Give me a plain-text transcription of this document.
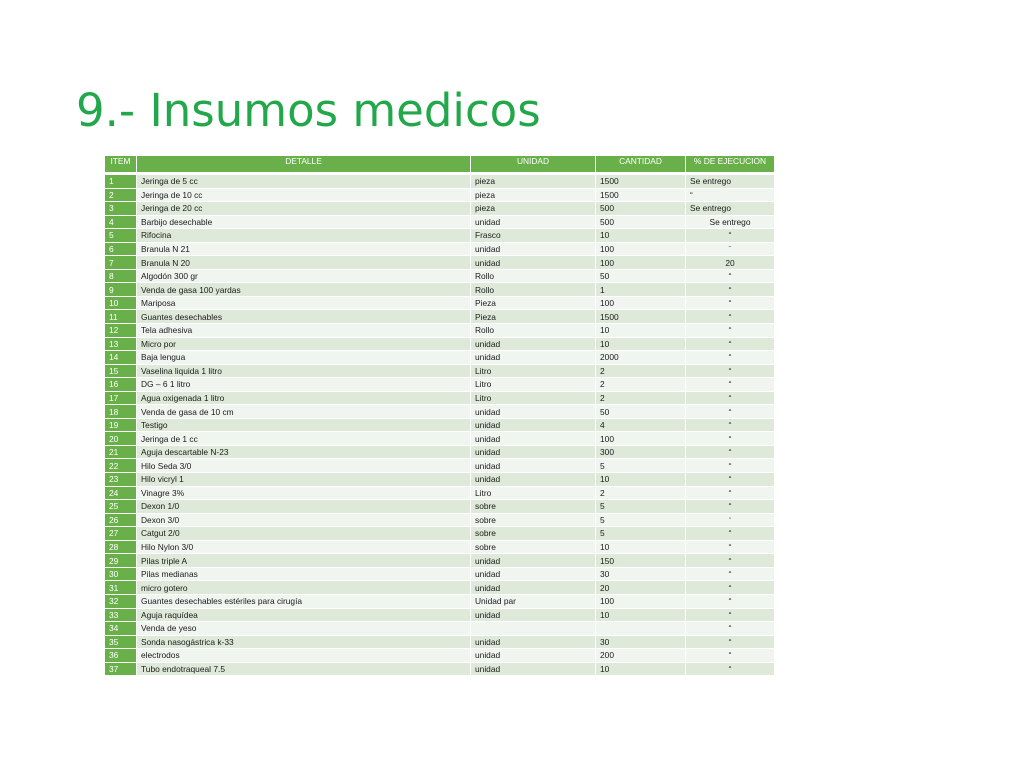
9.- Insumos medicos
ITEM	DETALLE	UNIDAD	CANTIDAD	% DE EJECUCION
1	Jeringa de 5 cc	pieza	1500	Se entrego
2	Jeringa de 10 cc	pieza	1500	“
3	Jeringa de 20 cc	pieza	500	Se entrego
4	Barbijo desechable	unidad	500	Se entrego
5	Rifocina	Frasco	10	“
6	Branula N 21	unidad	100	¨
7	Branula N 20	unidad	100	20
8	Algodón 300 gr	Rollo	50	“
9	Venda de gasa 100 yardas	Rollo	1	“
10	Mariposa	Pieza	100	“
11	Guantes desechables	Pieza	1500	“
12	Tela adhesiva	Rollo	10	“
13	Micro por	unidad	10	“
14	Baja lengua	unidad	2000	“
15	Vaselina liquida 1 litro	Litro	2	“
16	DG – 6 1 litro	Litro	2	“
17	Agua oxigenada 1 litro	Litro	2	“
18	Venda de gasa de 10 cm	unidad	50	“
19	Testigo	unidad	4	“
20	Jeringa de 1 cc	unidad	100	“
21	Aguja descartable N-23	unidad	300	“
22	Hilo Seda 3/0	unidad	5	“
23	Hilo vicryl 1	unidad	10	“
24	Vinagre 3%	Litro	2	“
25	Dexon 1/0	sobre	5	“
26	Dexon 3/0	sobre	5	‘
27	Catgut 2/0	sobre	5	“
28	Hilo Nylon 3/0	sobre	10	“
29	Pilas triple A	unidad	150	“
30	Pilas medianas	unidad	30	“
31	micro gotero	unidad	20	“
32	Guantes desechables estériles para cirugía	Unidad par	100	“
33	Aguja raquídea	unidad	10	“
34	Venda de yeso			“
35	Sonda nasogástrica k-33	unidad	30	“
36	electrodos	unidad	200	“
37	Tubo endotraqueal 7.5	unidad	10	“
